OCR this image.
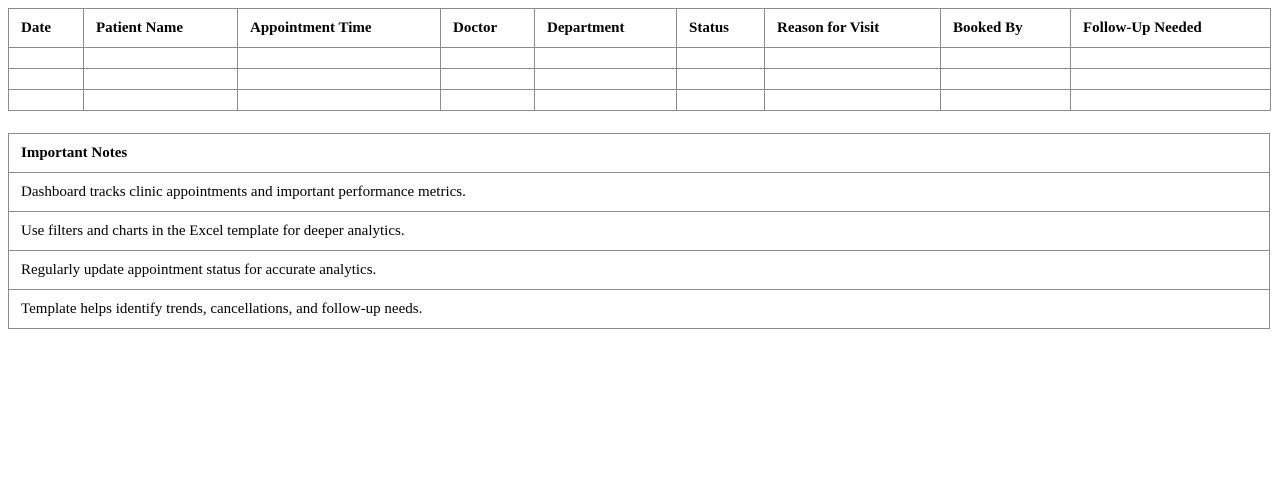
Date	Patient Name	Appointment Time	Doctor	Department	Status	Reason for Visit	Booked By	Follow-Up Needed

Important Notes
Dashboard tracks clinic appointments and important performance metrics.
Use filters and charts in the Excel template for deeper analytics.
Regularly update appointment status for accurate analytics.
Template helps identify trends, cancellations, and follow-up needs.
